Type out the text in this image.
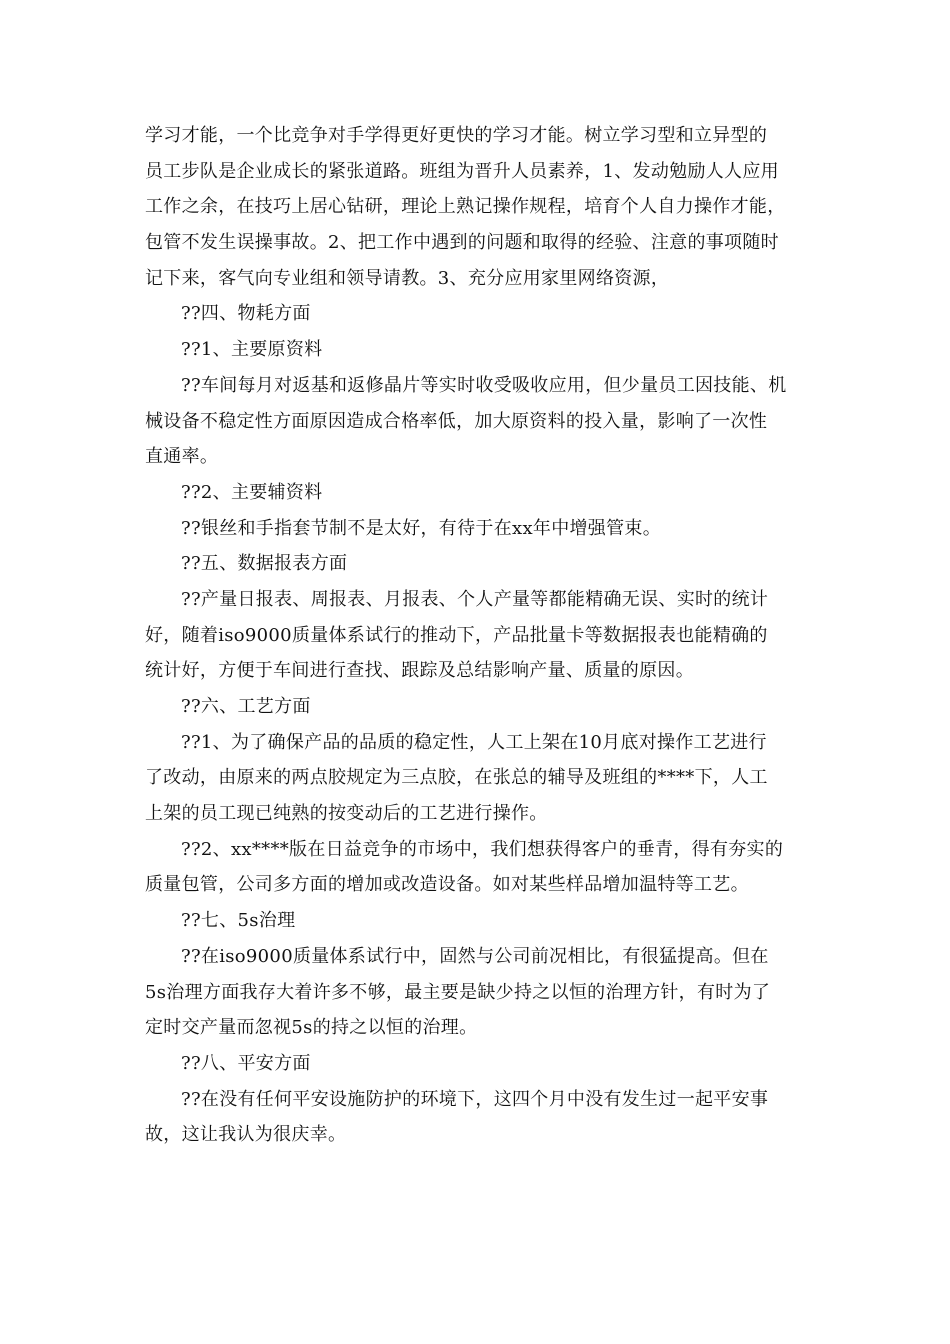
学习才能，一个比竞争对手学得更好更快的学习才能。树立学习型和立异型的
员工步队是企业成长的紧张道路。班组为晋升人员素养，1、发动勉励人人应用
工作之余，在技巧上居心钻研，理论上熟记操作规程，培育个人自力操作才能，
包管不发生误操事故。2、把工作中遇到的问题和取得的经验、注意的事项随时
记下来，客气向专业组和领导请教。3、充分应用家里网络资源，
??四、物耗方面
??1、主要原资料
??车间每月对返基和返修晶片等实时收受吸收应用，但少量员工因技能、机
械设备不稳定性方面原因造成合格率低，加大原资料的投入量，影响了一次性
直通率。
??2、主要辅资料
??银丝和手指套节制不是太好，有待于在xx年中增强管束。
??五、数据报表方面
??产量日报表、周报表、月报表、个人产量等都能精确无误、实时的统计
好，随着iso9000质量体系试行的推动下，产品批量卡等数据报表也能精确的
统计好，方便于车间进行查找、跟踪及总结影响产量、质量的原因。
??六、工艺方面
??1、为了确保产品的品质的稳定性，人工上架在10月底对操作工艺进行
了改动，由原来的两点胶规定为三点胶，在张总的辅导及班组的****下，人工
上架的员工现已纯熟的按变动后的工艺进行操作。
??2、xx****版在日益竞争的市场中，我们想获得客户的垂青，得有夯实的
质量包管，公司多方面的增加或改造设备。如对某些样品增加温特等工艺。
??七、5s治理
??在iso9000质量体系试行中，固然与公司前况相比，有很猛提高。但在
5s治理方面我存大着许多不够，最主要是缺少持之以恒的治理方针，有时为了
定时交产量而忽视5s的持之以恒的治理。
??八、平安方面
??在没有任何平安设施防护的环境下，这四个月中没有发生过一起平安事
故，这让我认为很庆幸。
